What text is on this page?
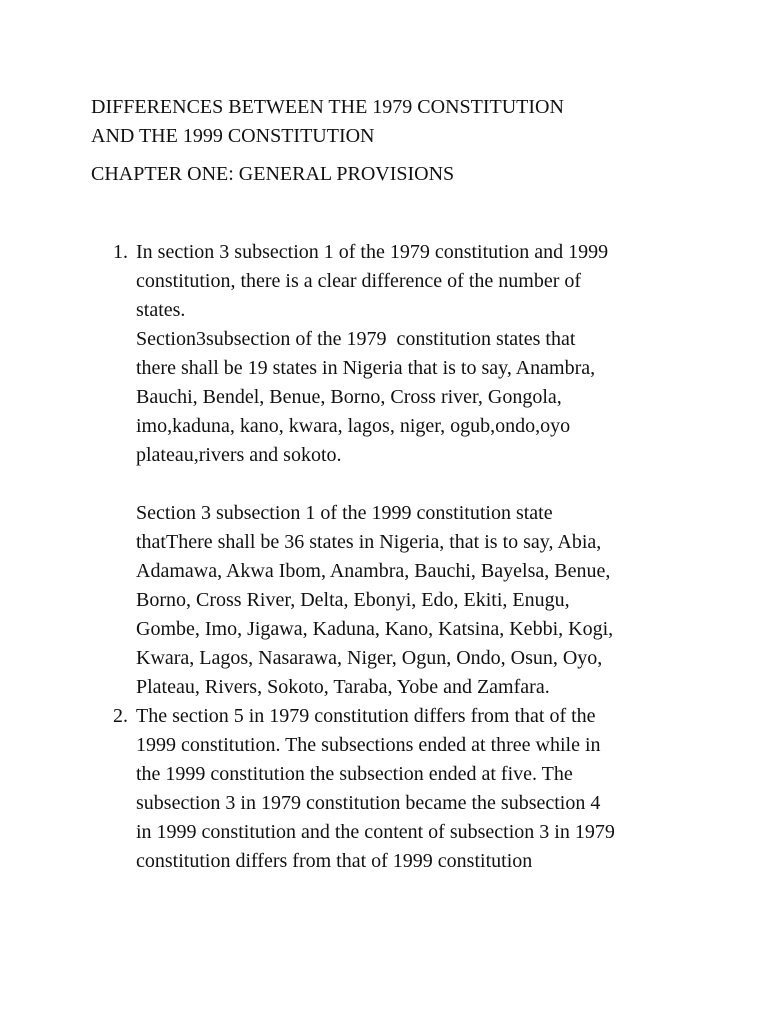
DIFFERENCES BETWEEN THE 1979 CONSTITUTION
AND THE 1999 CONSTITUTION
CHAPTER ONE: GENERAL PROVISIONS
1. In section 3 subsection 1 of the 1979 constitution and 1999
constitution, there is a clear difference of the number of
states.
Section3subsection of the 1979  constitution states that
there shall be 19 states in Nigeria that is to say, Anambra,
Bauchi, Bendel, Benue, Borno, Cross river, Gongola,
imo,kaduna, kano, kwara, lagos, niger, ogub,ondo,oyo
plateau,rivers and sokoto.
Section 3 subsection 1 of the 1999 constitution state
thatThere shall be 36 states in Nigeria, that is to say, Abia,
Adamawa, Akwa Ibom, Anambra, Bauchi, Bayelsa, Benue,
Borno, Cross River, Delta, Ebonyi, Edo, Ekiti, Enugu,
Gombe, Imo, Jigawa, Kaduna, Kano, Katsina, Kebbi, Kogi,
Kwara, Lagos, Nasarawa, Niger, Ogun, Ondo, Osun, Oyo,
Plateau, Rivers, Sokoto, Taraba, Yobe and Zamfara.
2. The section 5 in 1979 constitution differs from that of the
1999 constitution. The subsections ended at three while in
the 1999 constitution the subsection ended at five. The
subsection 3 in 1979 constitution became the subsection 4
in 1999 constitution and the content of subsection 3 in 1979
constitution differs from that of 1999 constitution
